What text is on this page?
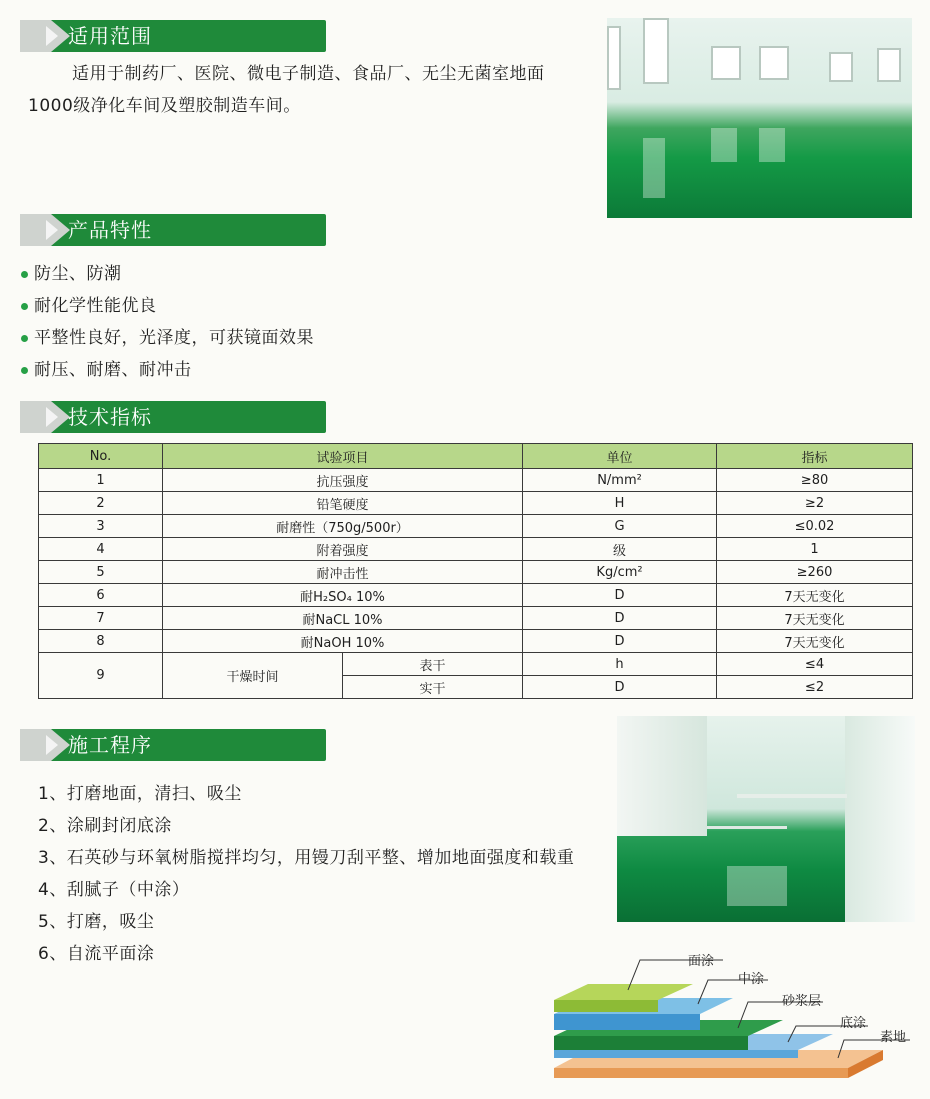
适用范围
适用于制药厂、医院、微电子制造、食品厂、无尘无菌室地面
1000级净化车间及塑胶制造车间。
产品特性
防尘、防潮
耐化学性能优良
平整性良好，光泽度，可获镜面效果
耐压、耐磨、耐冲击
技术指标
No.	试验项目		单位	指标
1	抗压强度		N/mm²	≥80
2	铅笔硬度		H	≥2
3	耐磨性（750g/500r）		G	≤0.02
4	附着强度		级	1
5	耐冲击性		Kg/cm²	≥260
6	耐H₂SO₄ 10%		D	7天无变化
7	耐NaCL 10%		D	7天无变化
8	耐NaOH 10%		D	7天无变化
9	干燥时间	表干	h	≤4
		实干	D	≤2
施工程序
1、打磨地面，清扫、吸尘
2、涂刷封闭底涂
3、石英砂与环氧树脂搅拌均匀，用镘刀刮平整、增加地面强度和载重
4、刮腻子（中涂）
5、打磨，吸尘
6、自流平面涂	面涂
中涂
砂浆层
底涂
素地
